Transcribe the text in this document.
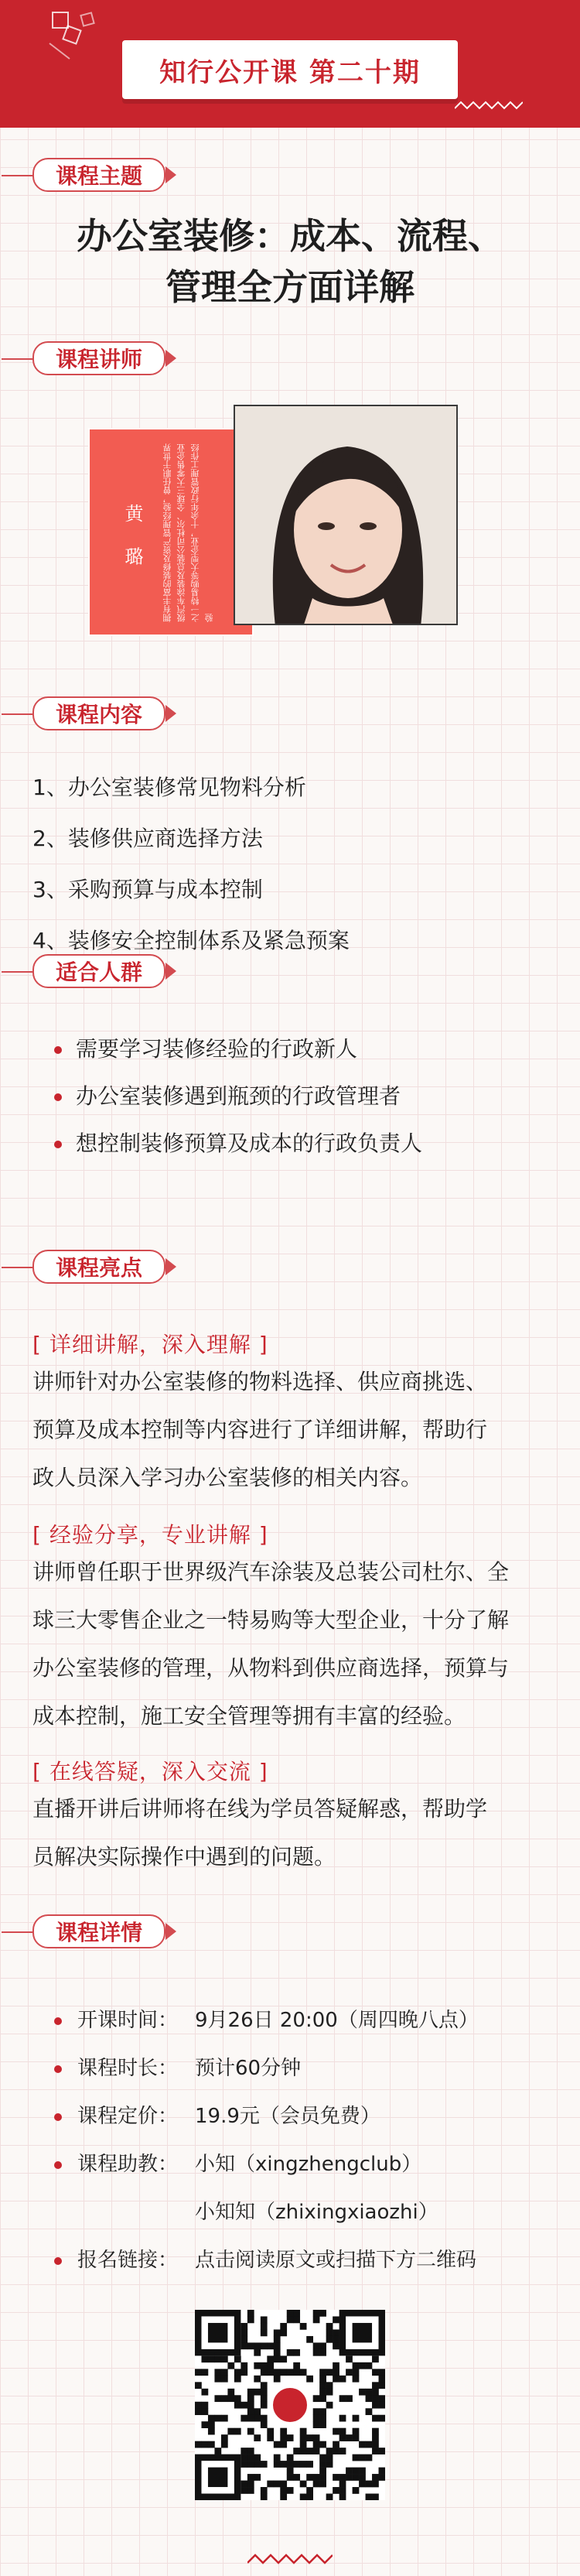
知行公开课 第二十期
课程主题
办公室装修：成本、流程、
管理全方面详解
课程讲师
黄 璐	拥有丰富的装修及资产管理经验，曾任职于世界级汽车涂装及总装公司杜尔、全球三大零售企业之一特易购等大型企业，十余年行政管理工作经验
课程内容
1、办公室装修常见物料分析
2、装修供应商选择方法
3、采购预算与成本控制
4、装修安全控制体系及紧急预案
适合人群
需要学习装修经验的行政新人
办公室装修遇到瓶颈的行政管理者
想控制装修预算及成本的行政负责人
课程亮点
[ 详细讲解，深入理解 ]
讲师针对办公室装修的物料选择、供应商挑选、
预算及成本控制等内容进行了详细讲解，帮助行
政人员深入学习办公室装修的相关内容。
[ 经验分享，专业讲解 ]
讲师曾任职于世界级汽车涂装及总装公司杜尔、全
球三大零售企业之一特易购等大型企业，十分了解
办公室装修的管理，从物料到供应商选择，预算与
成本控制，施工安全管理等拥有丰富的经验。
[ 在线答疑，深入交流 ]
直播开讲后讲师将在线为学员答疑解惑，帮助学
员解决实际操作中遇到的问题。
课程详情
开课时间： 9月26日 20:00（周四晚八点）
课程时长： 预计60分钟
课程定价： 19.9元（会员免费）
课程助教： 小知（xingzhengclub）
小知知（zhixingxiaozhi）
报名链接： 点击阅读原文或扫描下方二维码
